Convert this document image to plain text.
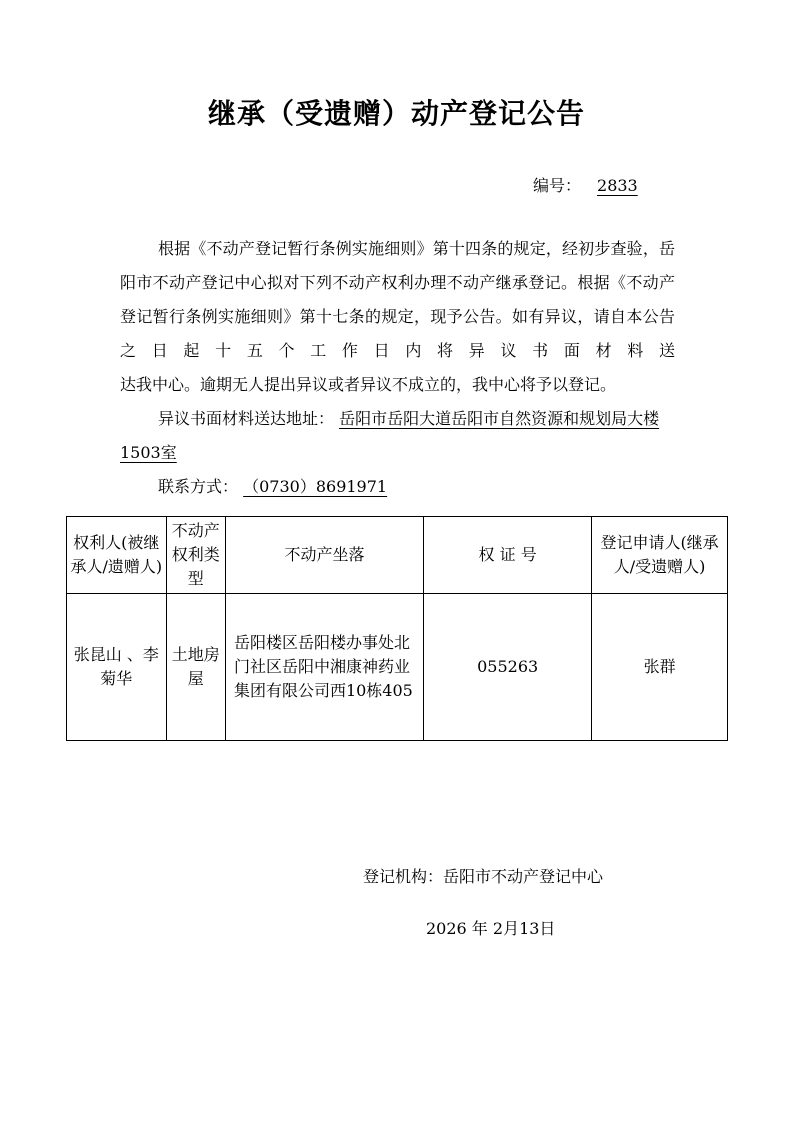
继承（受遗赠）动产登记公告
编号： 2833
根据《不动产登记暂行条例实施细则》第十四条的规定，经初步查验，岳阳市不动产登记中心拟对下列不动产权利办理不动产继承登记。根据《不动产登记暂行条例实施细则》第十七条的规定，现予公告。如有异议，请自本公告之日起十五个工作日内将异议书面材料送
达我中心。逾期无人提出异议或者异议不成立的，我中心将予以登记。
异议书面材料送达地址： 岳阳市岳阳大道岳阳市自然资源和规划局大楼1503室
联系方式： （0730）8691971
权利人(被继承人/遗赠人)	不动产权利类型	不动产坐落	权 证 号	登记申请人(继承人/受遗赠人)
张昆山 、李菊华	土地房屋	岳阳楼区岳阳楼办事处北门社区岳阳中湘康神药业集团有限公司西10栋405	055263	张群
登记机构：岳阳市不动产登记中心
2026 年 2月13日
